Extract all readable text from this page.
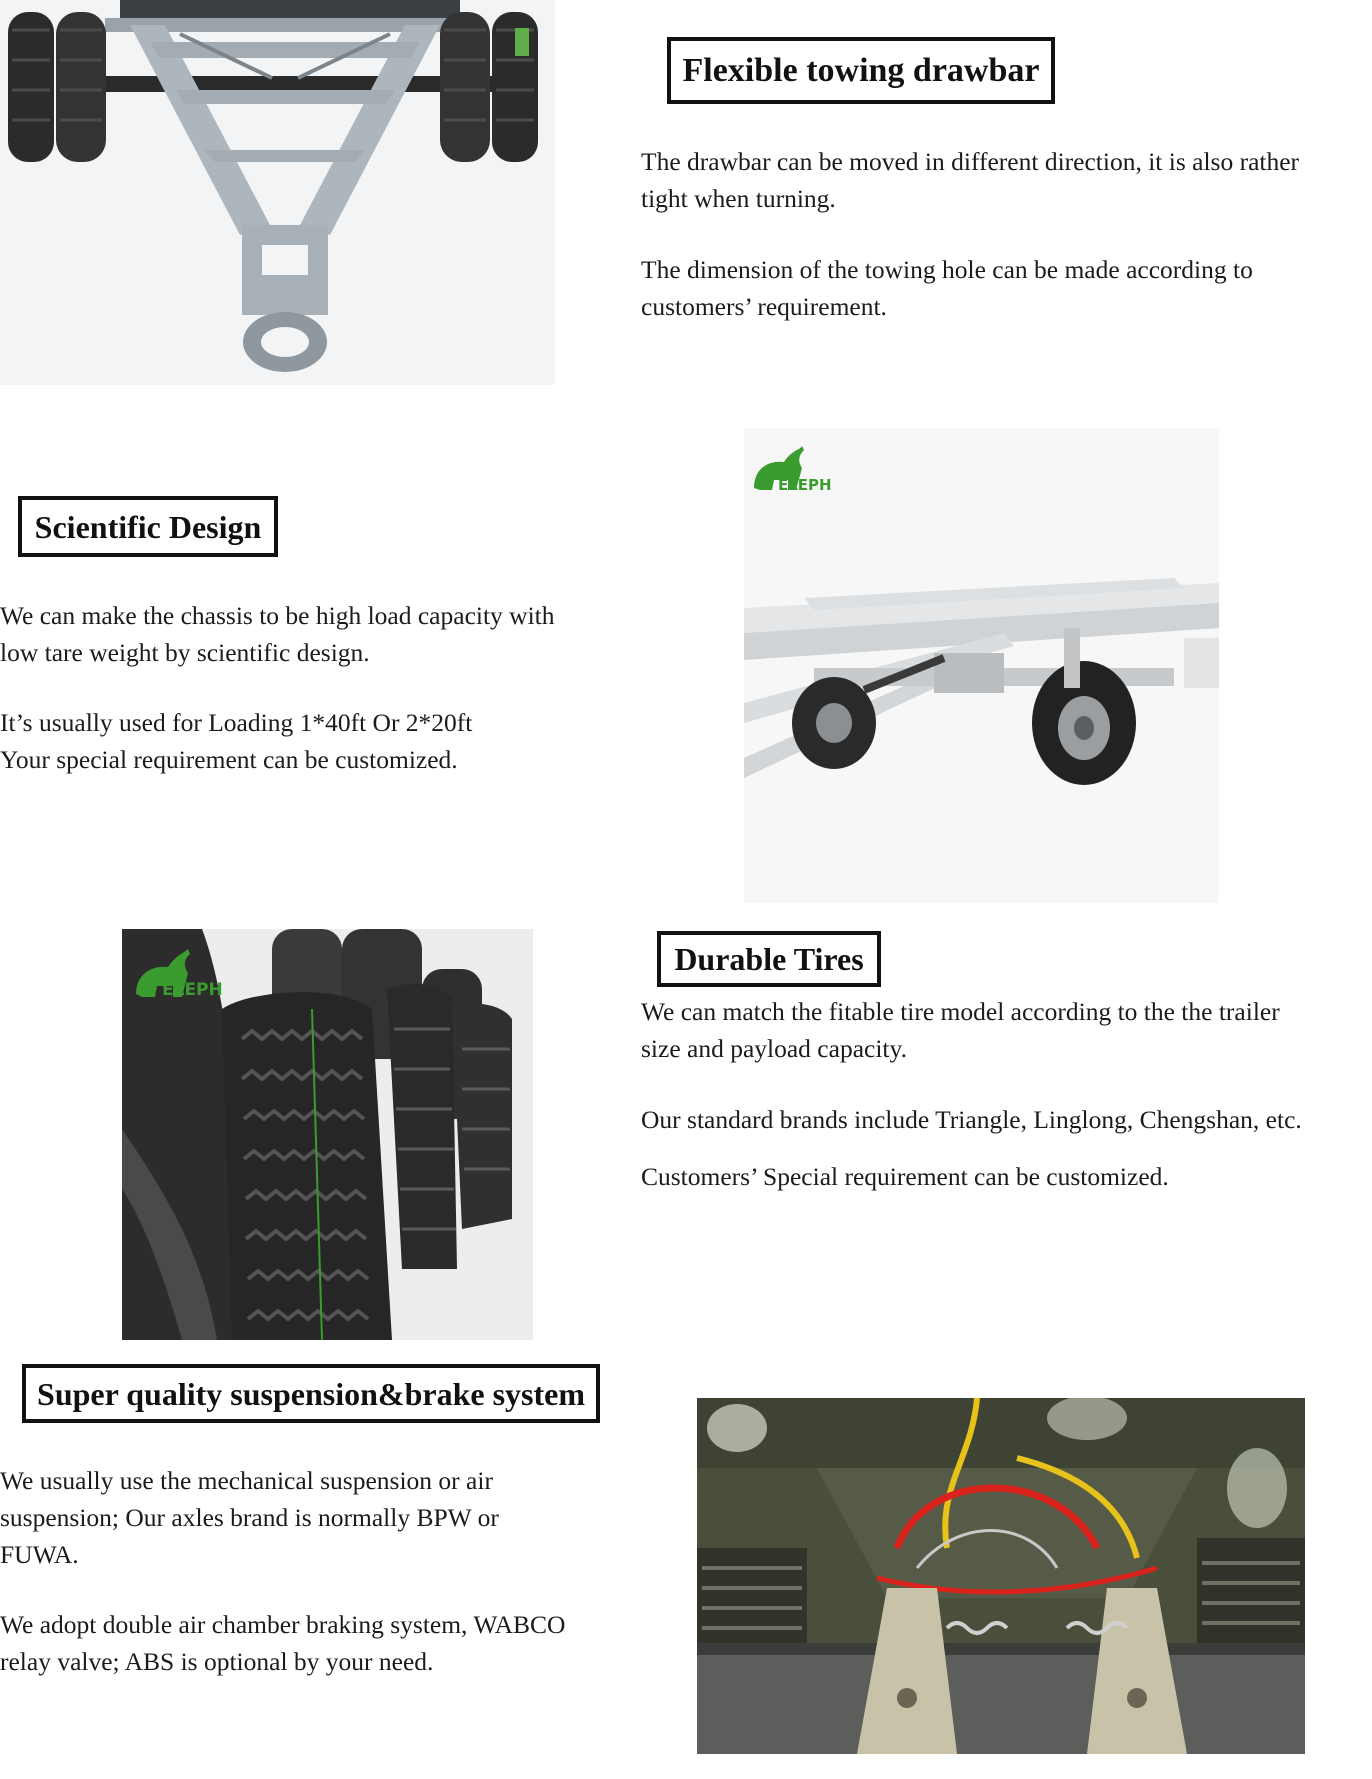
Flexible towing drawbar

The drawbar can be moved in different direction, it is also rather
tight when turning.

The dimension of the towing hole can be made according to
customers’ requirement.

Scientific Design

We can make the chassis to be high load capacity with
low tare weight by scientific design.

It’s usually used for Loading 1*40ft Or 2*20ft
Your special requirement can be customized.

ELEPH
ELEPH
Durable Tires

We can match the fitable tire model according to the the trailer
size and payload capacity.

Our standard brands include Triangle, Linglong, Chengshan, etc.

Customers’ Special requirement can be customized.

Super quality suspension&brake system

We usually use the mechanical suspension or air
suspension; Our axles brand is normally BPW or
FUWA.

We adopt double air chamber braking system, WABCO
relay valve; ABS is optional by your need.
